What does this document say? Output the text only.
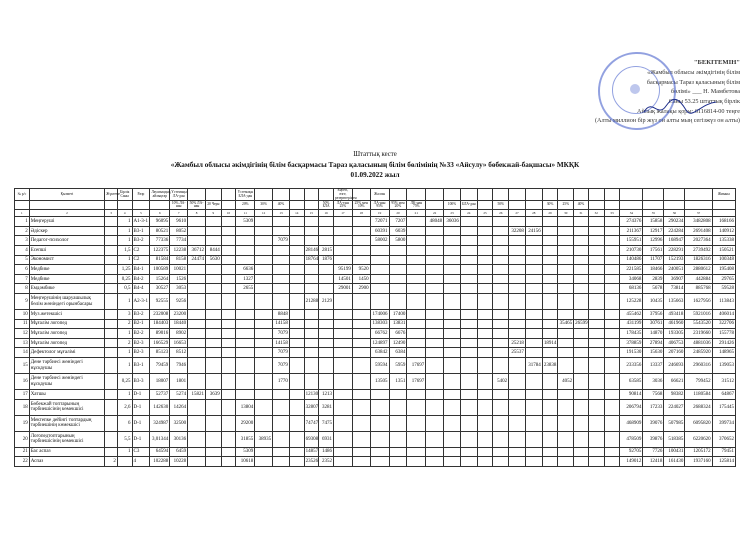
"БЕКІТЕМІН"
«Жамбыл облысы әкімдігінің білім
басқармасы Тараз қаласының білім
бөлімі» ___ Н. Мамбетова
Саны 53.25 штаттық бірлік
Айлық жалақы қоры: 6116814-00 теңге
(Алты миллион бір жүз он алты мың сегізжүз он алты)
Штаттық кесте
«Жамбыл облысы әкімдігінің білім басқармасы Тараз қаласының білім бөлімінің №33 «Айсулу» бөбекжай-бақшасы» МКҚК
01.09.2022 жыл
№ р/с	Қызметі	Жүктеме	Бірлік Саны	Разр	Лауазымдық айлықтар	Үстемақы ЛА-дан				Үстемақы БЛА-дан						Еңбегі, өзге, резервтерімен		Жалпы																			Жиыны
						10% ЛА-нан	50% ЛА-нан	20 Черн		20%	30%	40%			50% БЛА	ЛА-тын 25%	25% мен 10%	ЛА-нан 95%	95% мен 20%	ЛК-нан 75%		100%	БЛА-дан		50%			30%	25%	40%							
1	2	3	4	5	6	7	8	9	10	11	12	13	14	15	16	17	18	19	20	21	22	23	24	25	26	27	28	29	30	31	32	33	34	35	36	37	
1	Меңгеруші		1	А1-3-1	96095	9610				5309								72071	7207		48048	36036											274376	15858	290234	3482808	168166
2	Әдіскер		1	В3-1	80521	8052												60391	6039							32208	24156						211367	12917	224284	2691408	140912
3	Педагог-психолог		1	В3-2	77336	7734						7079						58002	5800														155951	12996	168947	2027364	135338
4	Есепші		1,5	С2	122375	12238	36712	8444						28146	2815																		210730	17561	228291	2739492	150521
5	Экономист		1	С2	81584	8158	24474	5630						18764	1876																		140486	11707	152193	1826316	100348
6	Медбике		1,25	В4-1	100589	10021				6636						95199	9520																221585	18466	240051	2880612	195408
7	Медбике		0,25	В4-2	15264	1526				1327						14501	1450																34068	2839	36907	442884	29765
8	Емдәмбике		0,5	В4-4	30527	3053				2655						29001	2900																68136	5678	73814	885768	59528
9	Меңгерушінің шаруашылық бөлім жөніндегі орынбасары		1	А2-3-1	92555	9256								21288	2129																		125228	10435	135663	1627956	113843
10	Муз.жетекшісі		3	В3-2	232008	23200						8848						174006	17400														455462	37956	493418	5921016	406014
11	Мұғалім логопед		2	В2-1	184403	18440						14158						138303	13831										35465	26599			431199	30761	461960	5543520	322706
12	Мұғалім логопед		1	В2-2	89016	8902						7079						66762	6676														178435	14870	193305	2319660	155778
13	Мұғалім логопед		2	В2-3	166529	16653						14158						124897	12490							25218		18914					378859	27894	406753	4881036	291426
14	Дефектолог мұғалімі		1	В2-3	85123	8512						7079						63842	6384							25537							191530	15630	207160	2485920	148965
15	Дене тәрбиесі жөніндегі нұсқаушы		1	В3-1	79459	7946						7079						59594	5959	17697							31784	23838					233356	13337	246693	2960316	139053
16	Дене тәрбиесі жөніндегі нұсқаушы		0,25	В3-3	18007	1801						1770						13505	1351	17697					5402				4052				63585	3036	66621	799452	31512
17	Хатшы		1	D-1	52737	5274	15821	3639						12130	1213																		90814	7568	98382	1180584	64867
18	Бөбекжай топтарының тәрбиешісінің көмекшісі		2,6	D-1	142630	14264				13804				32807	3281																		206794	17233	224027	2688324	175445
19	Мектепке дейінгі топтардың тәрбиешінің көмекшісі		6	D-1	324987	32500				29200				74747	7475																		468909	39076	507985	6095820	399734
20	Логопедтоптарының тәрбиешісінің көмекшісі		5,5	D-1	3,01344	30136				31855	38935			69308	6931																		478509	39876	518385	6220620	370652
21	Бас аспаз		1	С3	64594	6459				5309				14857	1486																		92705	7726	100431	1205172	79451
22	Аспаз	2		4	102288	10228				10618				23526	2352																		149012	12418	161430	1937160	125814
